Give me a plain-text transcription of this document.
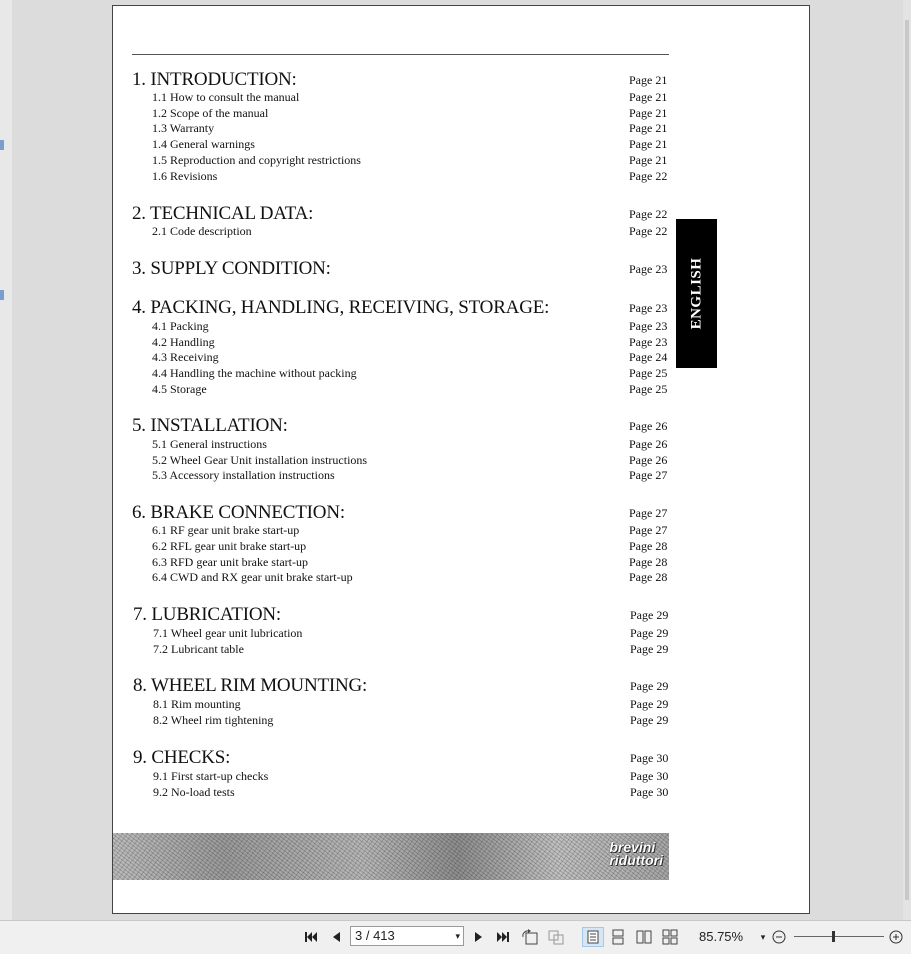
ENGLISH
brevini
riduttori
1. INTRODUCTION:	Page 21
1.1 How to consult the manual	Page 21
1.2 Scope of the manual	Page 21
1.3 Warranty	Page 21
1.4 General warnings	Page 21
1.5 Reproduction and copyright restrictions	Page 21
1.6 Revisions	Page 22
2. TECHNICAL DATA:	Page 22
2.1 Code description	Page 22
3. SUPPLY CONDITION:	Page 23
4. PACKING, HANDLING, RECEIVING, STORAGE:	Page 23
4.1 Packing	Page 23
4.2 Handling	Page 23
4.3 Receiving	Page 24
4.4 Handling the machine without packing	Page 25
4.5 Storage	Page 25
5. INSTALLATION:	Page 26
5.1 General instructions	Page 26
5.2 Wheel Gear Unit installation instructions	Page 26
5.3 Accessory installation instructions	Page 27
6. BRAKE CONNECTION:	Page 27
6.1 RF gear unit brake start-up	Page 27
6.2 RFL gear unit brake start-up	Page 28
6.3 RFD gear unit brake start-up	Page 28
6.4 CWD and RX gear unit brake start-up	Page 28
7. LUBRICATION:	Page 29
7.1 Wheel gear unit lubrication	Page 29
7.2 Lubricant table	Page 29
8. WHEEL RIM MOUNTING:	Page 29
8.1 Rim mounting	Page 29
8.2 Wheel rim tightening	Page 29
9. CHECKS:	Page 30
9.1 First start-up checks	Page 30
9.2 No-load tests	Page 30
3 / 413	▾	85.75% ▾
